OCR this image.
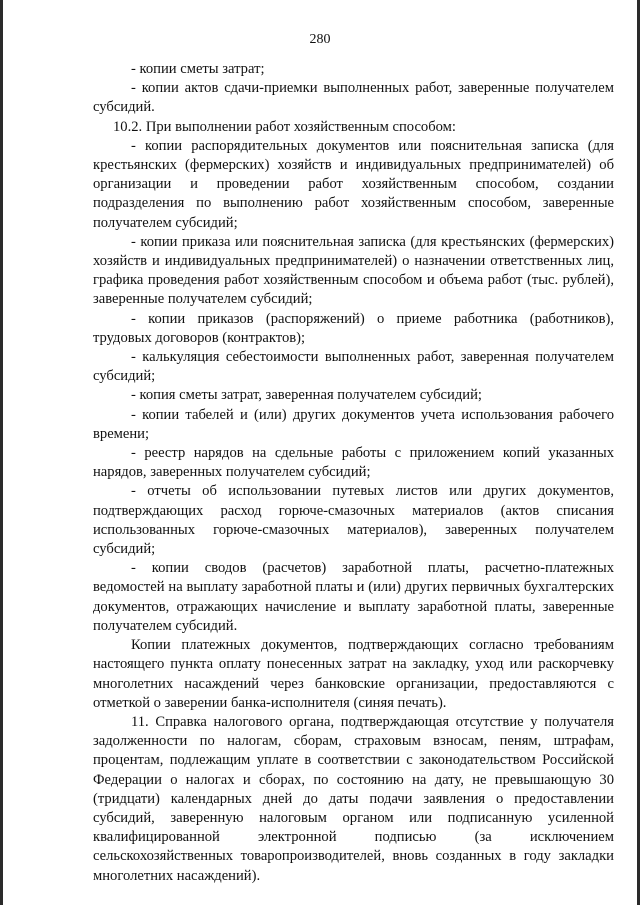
280

- копии сметы затрат;

- копии актов сдачи-приемки выполненных работ, заверенные получателем субсидий.

10.2. При выполнении работ хозяйственным способом:

- копии распорядительных документов или пояснительная записка (для крестьянских (фермерских) хозяйств и индивидуальных предпринимателей) об организации и проведении работ хозяйственным способом, создании подразделения по выполнению работ хозяйственным способом, заверенные получателем субсидий;

- копии приказа или пояснительная записка (для крестьянских (фермерских) хозяйств и индивидуальных предпринимателей) о назначении ответственных лиц, графика проведения работ хозяйственным способом и объема работ (тыс. рублей), заверенные получателем субсидий;

- копии приказов (распоряжений) о приеме работника (работников), трудовых договоров (контрактов);

- калькуляция себестоимости выполненных работ, заверенная получателем субсидий;

- копия сметы затрат, заверенная получателем субсидий;

- копии табелей и (или) других документов учета использования рабочего времени;

- реестр нарядов на сдельные работы с приложением копий указанных нарядов, заверенных получателем субсидий;

- отчеты об использовании путевых листов или других документов, подтверждающих расход горюче-смазочных материалов (актов списания использованных горюче-смазочных материалов), заверенных получателем субсидий;

- копии сводов (расчетов) заработной платы, расчетно-платежных ведомостей на выплату заработной платы и (или) других первичных бухгалтерских документов, отражающих начисление и выплату заработной платы, заверенные получателем субсидий.

Копии платежных документов, подтверждающих согласно требованиям настоящего пункта оплату понесенных затрат на закладку, уход или раскорчевку многолетних насаждений через банковские организации, предоставляются с отметкой о заверении банка-исполнителя (синяя печать).

11. Справка налогового органа, подтверждающая отсутствие у получателя задолженности по налогам, сборам, страховым взносам, пеням, штрафам, процентам, подлежащим уплате в соответствии с законодательством Российской Федерации о налогах и сборах, по состоянию на дату, не превышающую 30 (тридцати) календарных дней до даты подачи заявления о предоставлении субсидий, заверенную налоговым органом или подписанную усиленной квалифицированной электронной подписью (за исключением сельскохозяйственных товаропроизводителей, вновь созданных в году закладки многолетних насаждений).
